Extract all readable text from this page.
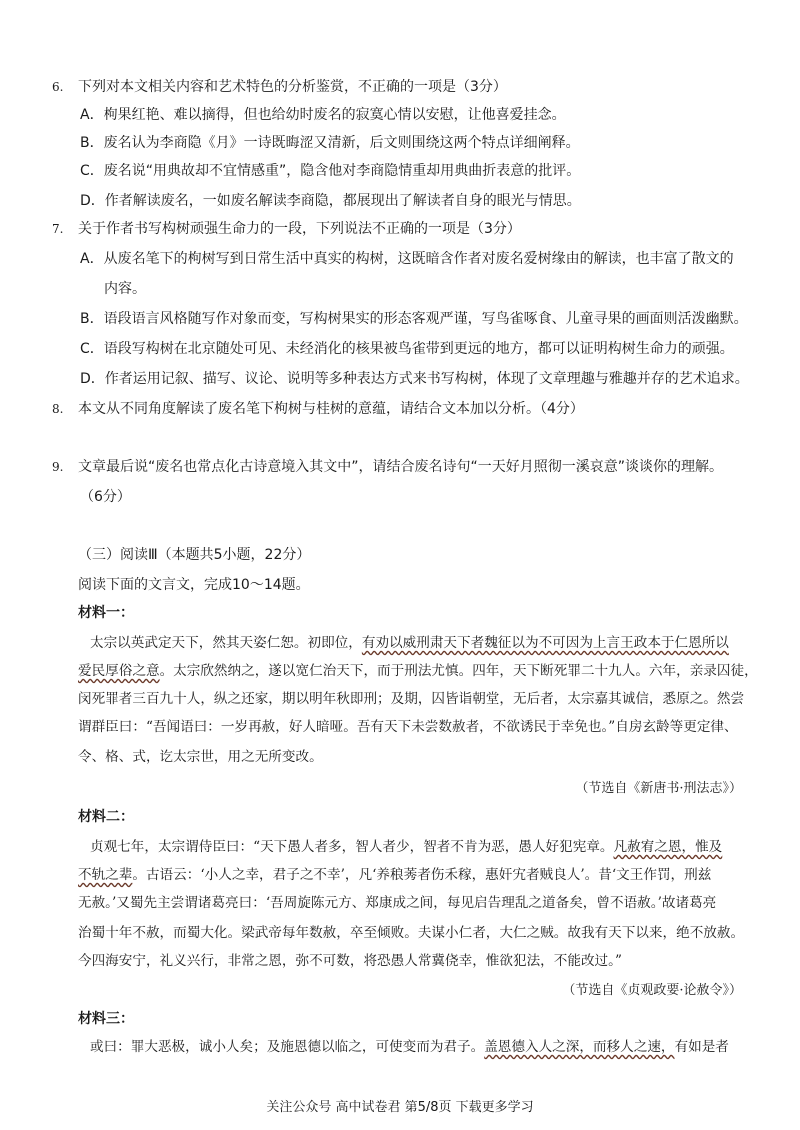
6. 下列对本文相关内容和艺术特色的分析鉴赏，不正确的一项是（3分）
A．枸果红艳、难以摘得，但也给幼时废名的寂寞心情以安慰，让他喜爱挂念。
B．废名认为李商隐《月》一诗既晦涩又清新，后文则围绕这两个特点详细阐释。
C．废名说“用典故却不宜情感重”，隐含他对李商隐情重却用典曲折表意的批评。
D．作者解读废名，一如废名解读李商隐，都展现出了解读者自身的眼光与情思。
7. 关于作者书写构树顽强生命力的一段，下列说法不正确的一项是（3分）
A．从废名笔下的枸树写到日常生活中真实的构树，这既暗含作者对废名爱树缘由的解读，也丰富了散文的
内容。
B．语段语言风格随写作对象而变，写构树果实的形态客观严谨，写鸟雀啄食、儿童寻果的画面则活泼幽默。
C．语段写构树在北京随处可见、未经消化的核果被鸟雀带到更远的地方，都可以证明构树生命力的顽强。
D．作者运用记叙、描写、议论、说明等多种表达方式来书写构树，体现了文章理趣与雅趣并存的艺术追求。
8. 本文从不同角度解读了废名笔下枸树与桂树的意蕴，请结合文本加以分析。（4分）
9. 文章最后说“废名也常点化古诗意境入其文中”，请结合废名诗句“一天好月照彻一溪哀意”谈谈你的理解。
（6分）
（三）阅读Ⅲ（本题共5小题，22分）
阅读下面的文言文，完成10～14题。
材料一：
太宗以英武定天下，然其天姿仁恕。初即位，有劝以威刑肃天下者魏征以为不可因为上言王政本于仁恩所以
爱民厚俗之意。太宗欣然纳之，遂以宽仁治天下，而于刑法尤慎。四年，天下断死罪二十九人。六年，亲录囚徒，
闵死罪者三百九十人，纵之还家，期以明年秋即刑；及期，囚皆诣朝堂，无后者，太宗嘉其诚信，悉原之。然尝
谓群臣曰：“吾闻语曰：一岁再赦，好人暗哑。吾有天下未尝数赦者，不欲诱民于幸免也。”自房玄龄等更定律、
令、格、式，讫太宗世，用之无所变改。
（节选自《新唐书·刑法志》）
材料二：
贞观七年，太宗谓侍臣曰：“天下愚人者多，智人者少，智者不肯为恶，愚人好犯宪章。凡赦宥之恩，惟及
不轨之辈。古语云：‘小人之幸，君子之不幸’，凡‘养稂莠者伤禾稼，惠奸宄者贼良人’。昔‘文王作罚，刑兹
无赦。’又蜀先主尝谓诸葛亮曰：‘吾周旋陈元方、郑康成之间，每见启告理乱之道备矣，曾不语赦。’故诸葛亮
治蜀十年不赦，而蜀大化。梁武帝每年数赦，卒至倾败。夫谋小仁者，大仁之贼。故我有天下以来，绝不放赦。
今四海安宁，礼义兴行，非常之恩，弥不可数，将恐愚人常冀侥幸，惟欲犯法，不能改过。”
（节选自《贞观政要·论赦令》）
材料三：
或曰：罪大恶极，诚小人矣；及施恩德以临之，可使变而为君子。盖恩德入人之深，而移人之速，有如是者
关注公众号 高中试卷君 第5/8页 下载更多学习
